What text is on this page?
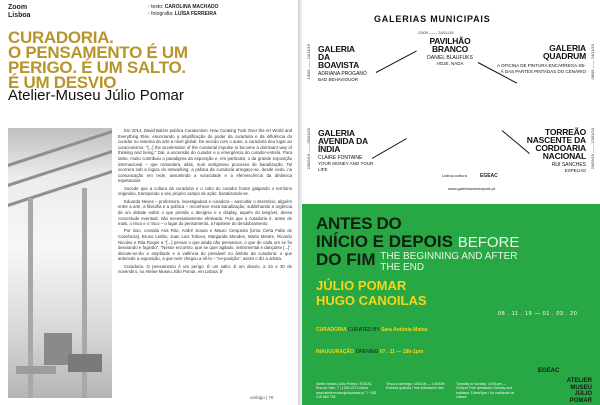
Zoom
Lisboa
• texto: CAROLINA MACHADO
• fotografia: LUÍSA FERREIRA
CURADORIA.
O PENSAMENTO É UM
PERIGO. É UM SALTO.
É UM DESVIO
Atelier-Museu Júlio Pomar

Em 2014, David Balzer publica Curationism: How Curating Took Over the Art World and Everything Else, enunciando a amplificação do poder da curadoria e da influência do curador no sistema da arte a nível global. De acordo com o autor, a curadoria deu lugar ao curacionismo: "[...] the acceleration of the curatorial impulse to become a dominant way of thinking and being." Daí, a ascensão do curador e a emergência do curador-estrela. Para tanto, muito contribuiu o paradigma da exposição e, em particular, o da grande exposição internacional – que redundara, aliás, num vertiginoso processo de banalização. Tal ocorrera sob a lógica do networking: a prática da curadoria arregaçe-se, desde cedo, na comunicação em rede, assumindo a voracidade e a efervescência da dinâmica espetacular.

Sucede que a cultura da curadoria e o culto do curador foram galgando o território originário, transpondo o seu próprio campo de ação: banalizando-se.

Eduarda Neves – professora, investigadora e curadora – auscultar o interstício, alguém entre a arte, a filosofia e a política – reconhece essa banalização, sublinhando a urgência de um debate sobre o que prende o desígnio e o display, aquém do tangível, dessa concretude eventual, não necessariamente efetivada. Pois que a curadoria é, antes de mais, o risco e o risco – o lugar do pensamento, a hipótese do desdobramento.

Por isso, convida Ana Rito, André Sousa e Mauro Cerqueira [Uma Certa Falta de Coerência], Bruno Leitão, Juan Luis Toboso, Margarida Mendes, Marta Mestre, Ricardo Nicolau e Rita Roque a "[...] pensar o que ainda não pensamos, o que de cada um se foi desviando e fugindo". "Nesse encontro, que se quer agitado, instrumental e dançante [...]", discute-se-ão a amplitude e a valência do pensável no âmbito da curadoria: o que antecede a exposição, a que nem chegou a sê-lo – "ex-posição", assim o diz a artista.

Curadoria. O pensamento é um perigo. É um salto. É um desvio, a 23 e 30 de novembro, no Atelier-Museu Júlio Pomar, em Lisboa. //

umbigo | 70
GALERIAS MUNICIPAIS
23/09 —— 24/11/19
PAVILHÃO
BRANCO
DANIEL BLAUFUKS
HOJE, NADA
13/09 —— 10/11/19 GALERIA
DA
BOAVISTA
ADRIANA PROGANÓ
BAD BEHAVIOUOR	08/09 —— 24/11/19
GALERIA
QUADRUM
A OFICINA DE PINTURA ENCARREGA-SE-Á DAS PARTES PINTADAS DO CENÁRIO
23/09/19 —— 05/01/20 GALERIA
AVENIDA DA
ÍNDIA
CLAIRE FONTAINE
YOUR MONEY AND YOUR LIFE	29/09/19 —— 12/01/20
TORREÃO
NASCENTE DA
CORDOARIA
NACIONAL
RUI SANCHES
ESPELHO
Lisboa cultura	EGEAC
www.galeriasmunicipais.pt
ANTES DO
INÍCIO E DEPOIS BEFORE
DO FIM THE BEGINNING AND AFTER THE END
JÚLIO POMAR
HUGO CANOILAS
08 . 11 . 19 — 01 . 03 . 20
CURADORIA CURATED BY Sara Antónia Matos
INAUGURAÇÃO OPENING 07 . 11 — 18h-1pm
EGEAC
ATELIER
MUSEU
JÚLIO
POMAR
Atelier-Museu Júlio Pomar / EGEAC Rua do Vale, 7 | 1200-472 Lisboa www.ateliermuseujuliopomar.pt T: +351 215 880 793
Terça a domingo: 10h/13h — 14h/18h Entrada gratuita / free Admission free
Tuesday to Sunday: 10h/1pm — 2h/6pm Free admission Sunday and holidays: 10am/1pm / for residents de Lisboa
